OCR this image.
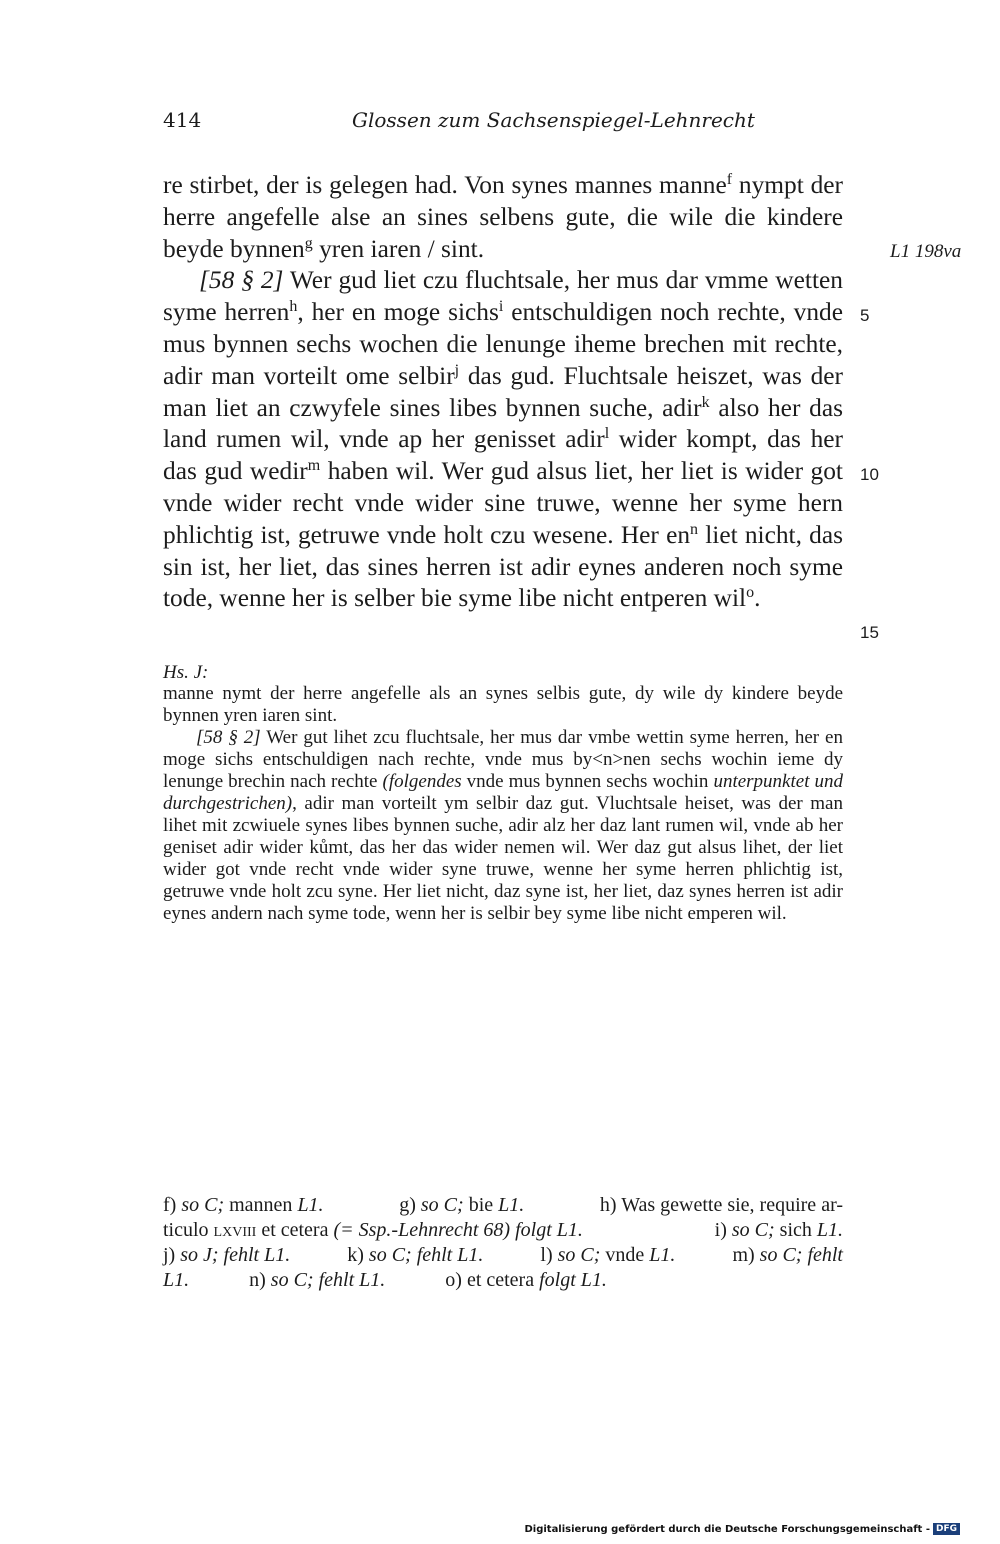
414	Glossen zum Sachsenspiegel-Lehnrecht

re stirbet, der is gelegen had. Von synes mannes manne$^f$ nympt der herre angefelle alse an sines selbens gute, die wile die kindere beyde bynnen$^g$ yren iaren / sint.

[58 § 2] Wer gud liet czu fluchtsale, her mus dar vmme wetten syme herren$^h$, her en moge sichs$^i$ entschuldigen noch rechte, vnde mus bynnen sechs wochen die lenunge iheme brechen mit rechte, adir man vorteilt ome selbir$^j$ das gud. Fluchtsale heiszet, was der man liet an czwyfele sines libes bynnen suche, adir$^k$ also her das land rumen wil, vnde ap her genisset adir$^l$ wider kompt, das her das gud wedir$^m$ haben wil. Wer gud alsus liet, her liet is wider got vnde wider recht vnde wider sine truwe, wenne her syme hern phlichtig ist, getruwe vnde holt czu wesene. Her $en^n$ liet nicht, das sin ist, her liet, das sines herren ist adir eynes anderen noch syme tode, wenne her is selber bie syme libe nicht entperen wil$^o$.

L1 198va
5
10
15
Hs. J:

manne nymt der herre angefelle als an synes selbis gute, dy wile dy kindere beyde bynnen yren iaren sint.

[58 § 2] Wer gut lihet zcu fluchtsale, her mus dar vmbe wettin syme herren, her en moge sichs entschuldigen nach rechte, vnde mus by<n>nen sechs wochin ieme dy lenunge brechin nach rechte (folgendes vnde mus bynnen sechs wochin unterpunktet und durchgestrichen), adir man vorteilt ym selbir daz gut. Vluchtsale heiset, was der man lihet mit zcwiuele synes libes bynnen suche, adir alz her daz lant rumen wil, vnde ab her geniset adir wider kůmt, das her das wider nemen wil. Wer daz gut alsus lihet, der liet wider got vnde recht vnde wider syne truwe, wenne her syme herren phlichtig ist, getruwe vnde holt zcu syne. Her liet nicht, daz syne ist, her liet, daz synes herren ist adir eynes andern nach syme tode, wenn her is selbir bey syme libe nicht emperen wil.

f) so C; mannen L1.	g) so C; bie L1.	h) Was gewette sie, require ar-
ticulo lxviii et cetera (= Ssp.-Lehnrecht 68) folgt L1.	i) so C; sich L1.
j) so J; fehlt L1.	k) so C; fehlt L1.	l) so C; vnde L1.	m) so C; fehlt
L1.	n) so C; fehlt L1.	o) et cetera folgt L1.
Digitalisierung gefördert durch die Deutsche Forschungsgemeinschaft - DFG
